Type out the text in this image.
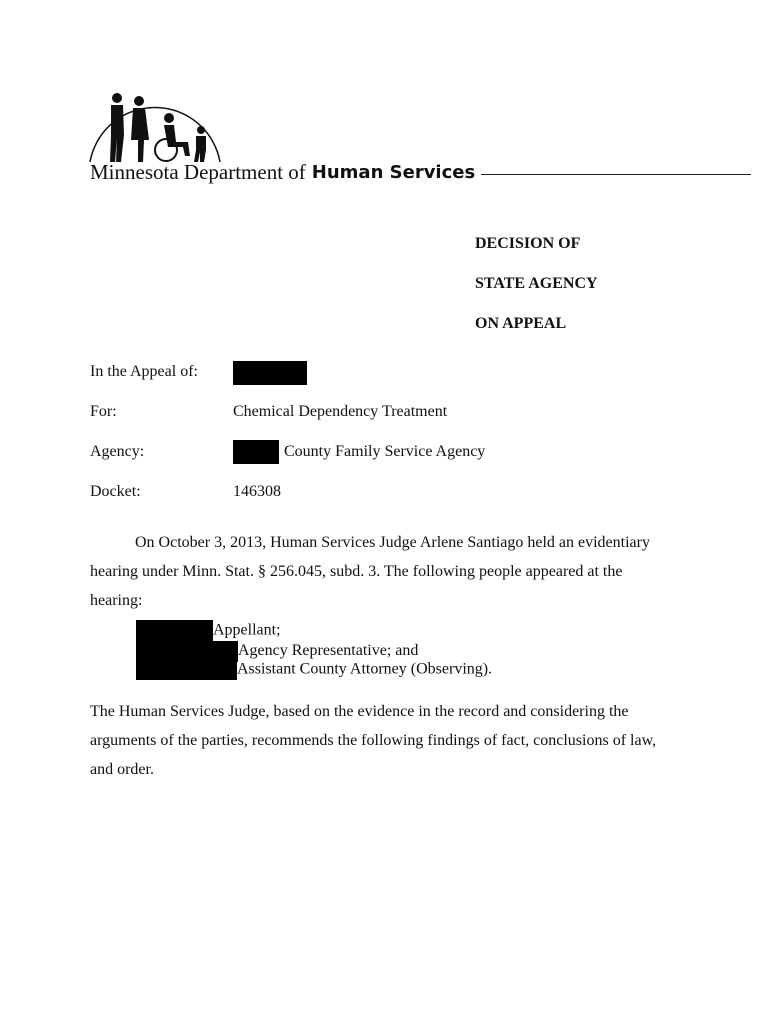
Minnesota Department of Human Services
DECISION OF
STATE AGENCY
ON APPEAL
In the Appeal of:
For:	Chemical Dependency Treatment
Agency:	County Family Service Agency
Docket:	146308
On October 3, 2013, Human Services Judge Arlene Santiago held an evidentiary
hearing under Minn. Stat. § 256.045, subd. 3. The following people appeared at the
hearing:
Appellant;
Agency Representative; and
Assistant County Attorney (Observing).
The Human Services Judge, based on the evidence in the record and considering the
arguments of the parties, recommends the following findings of fact, conclusions of law,
and order.
